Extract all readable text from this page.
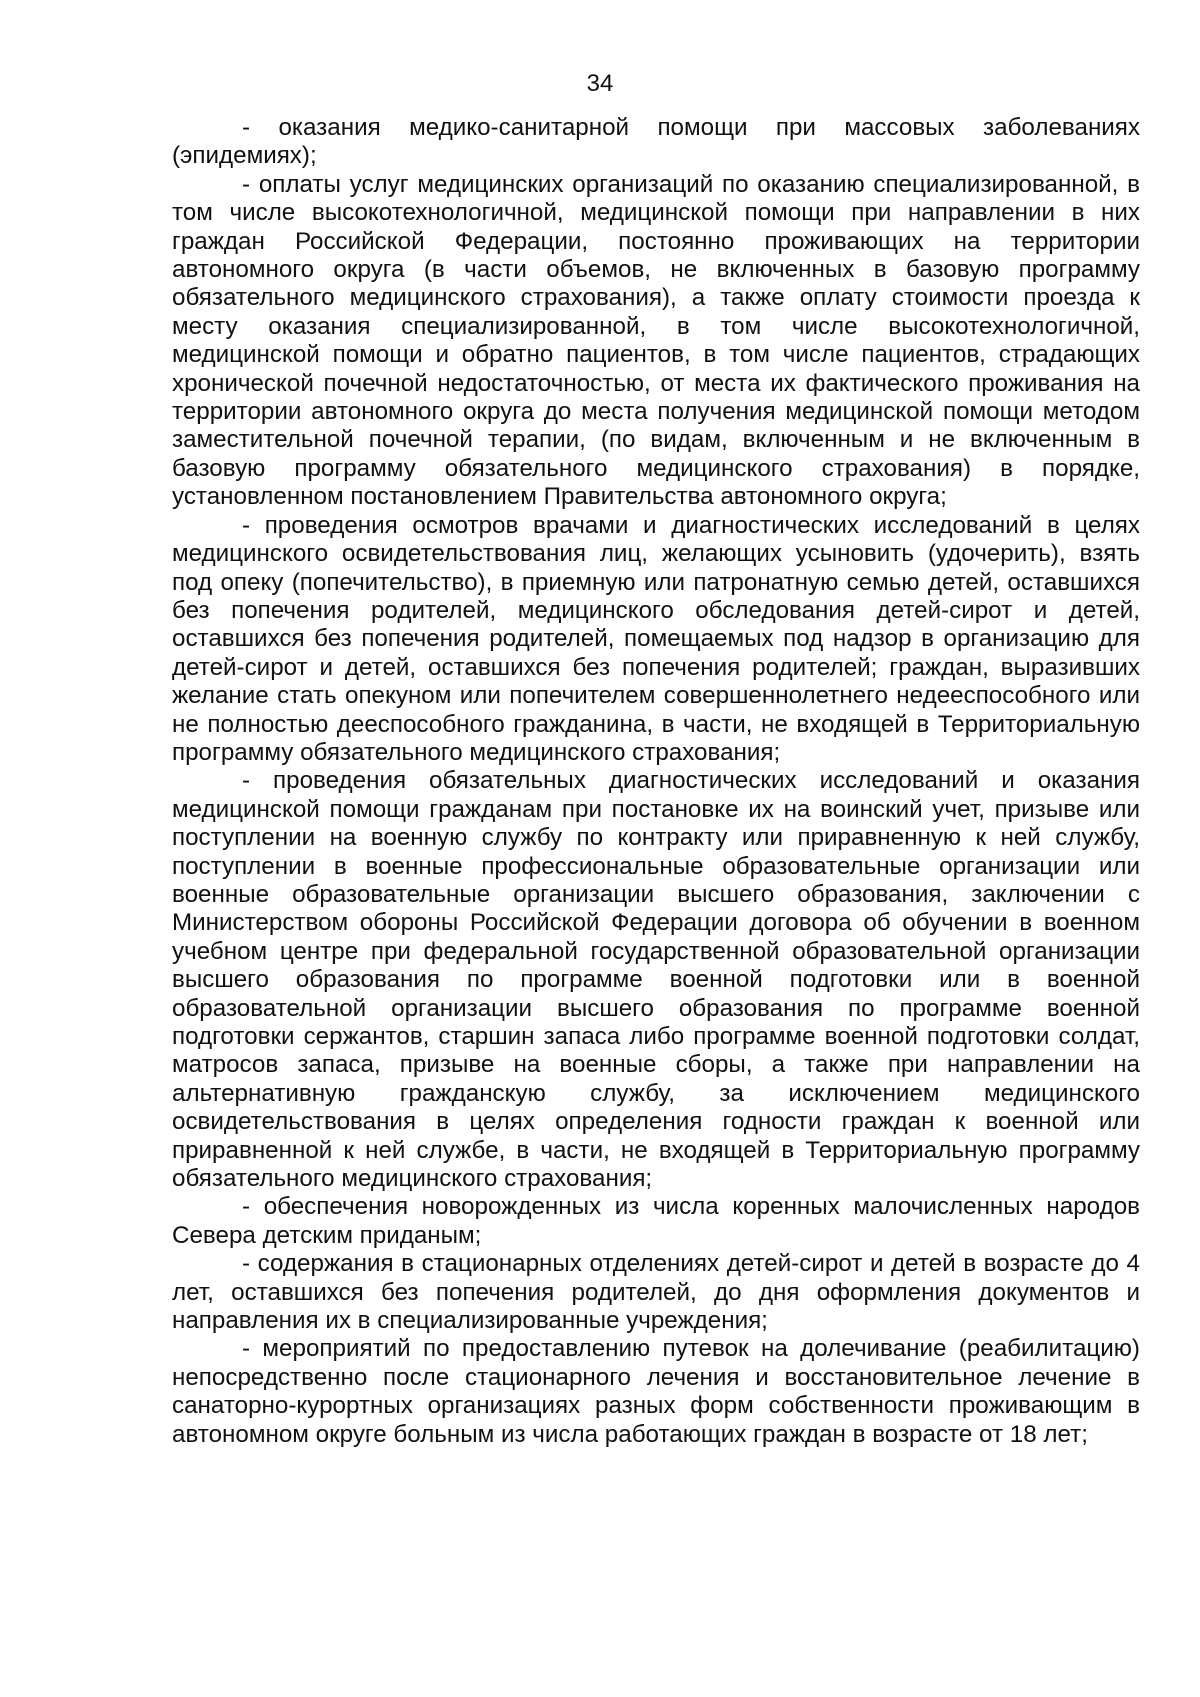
34

- оказания медико-санитарной помощи при массовых заболеваниях (эпидемиях);

- оплаты услуг медицинских организаций по оказанию специализированной, в том числе высокотехнологичной, медицинской помощи при направлении в них граждан Российской Федерации, постоянно проживающих на территории автономного округа (в части объемов, не включенных в базовую программу обязательного медицинского страхования), а также оплату стоимости проезда к месту оказания специализированной, в том числе высокотехнологичной, медицинской помощи и обратно пациентов, в том числе пациентов, страдающих хронической почечной недостаточностью, от места их фактического проживания на территории автономного округа до места получения медицинской помощи методом заместительной почечной терапии, (по видам, включенным и не включенным в базовую программу обязательного медицинского страхования) в порядке, установленном постановлением Правительства автономного округа;

- проведения осмотров врачами и диагностических исследований в целях медицинского освидетельствования лиц, желающих усыновить (удочерить), взять под опеку (попечительство), в приемную или патронатную семью детей, оставшихся без попечения родителей, медицинского обследования детей-сирот и детей, оставшихся без попечения родителей, помещаемых под надзор в организацию для детей-сирот и детей, оставшихся без попечения родителей; граждан, выразивших желание стать опекуном или попечителем совершеннолетнего недееспособного или не полностью дееспособного гражданина, в части, не входящей в Территориальную программу обязательного медицинского страхования;

- проведения обязательных диагностических исследований и оказания медицинской помощи гражданам при постановке их на воинский учет, призыве или поступлении на военную службу по контракту или приравненную к ней службу, поступлении в военные профессиональные образовательные организации или военные образовательные организации высшего образования, заключении с Министерством обороны Российской Федерации договора об обучении в военном учебном центре при федеральной государственной образовательной организации высшего образования по программе военной подготовки или в военной образовательной организации высшего образования по программе военной подготовки сержантов, старшин запаса либо программе военной подготовки солдат, матросов запаса, призыве на военные сборы, а также при направлении на альтернативную гражданскую службу, за исключением медицинского освидетельствования в целях определения годности граждан к военной или приравненной к ней службе, в части, не входящей в Территориальную программу обязательного медицинского страхования;

- обеспечения новорожденных из числа коренных малочисленных народов Севера детским приданым;

- содержания в стационарных отделениях детей-сирот и детей в возрасте до 4 лет, оставшихся без попечения родителей, до дня оформления документов и направления их в специализированные учреждения;

- мероприятий по предоставлению путевок на долечивание (реабилитацию) непосредственно после стационарного лечения и восстановительное лечение в санаторно-курортных организациях разных форм собственности проживающим в автономном округе больным из числа работающих граждан в возрасте от 18 лет;
